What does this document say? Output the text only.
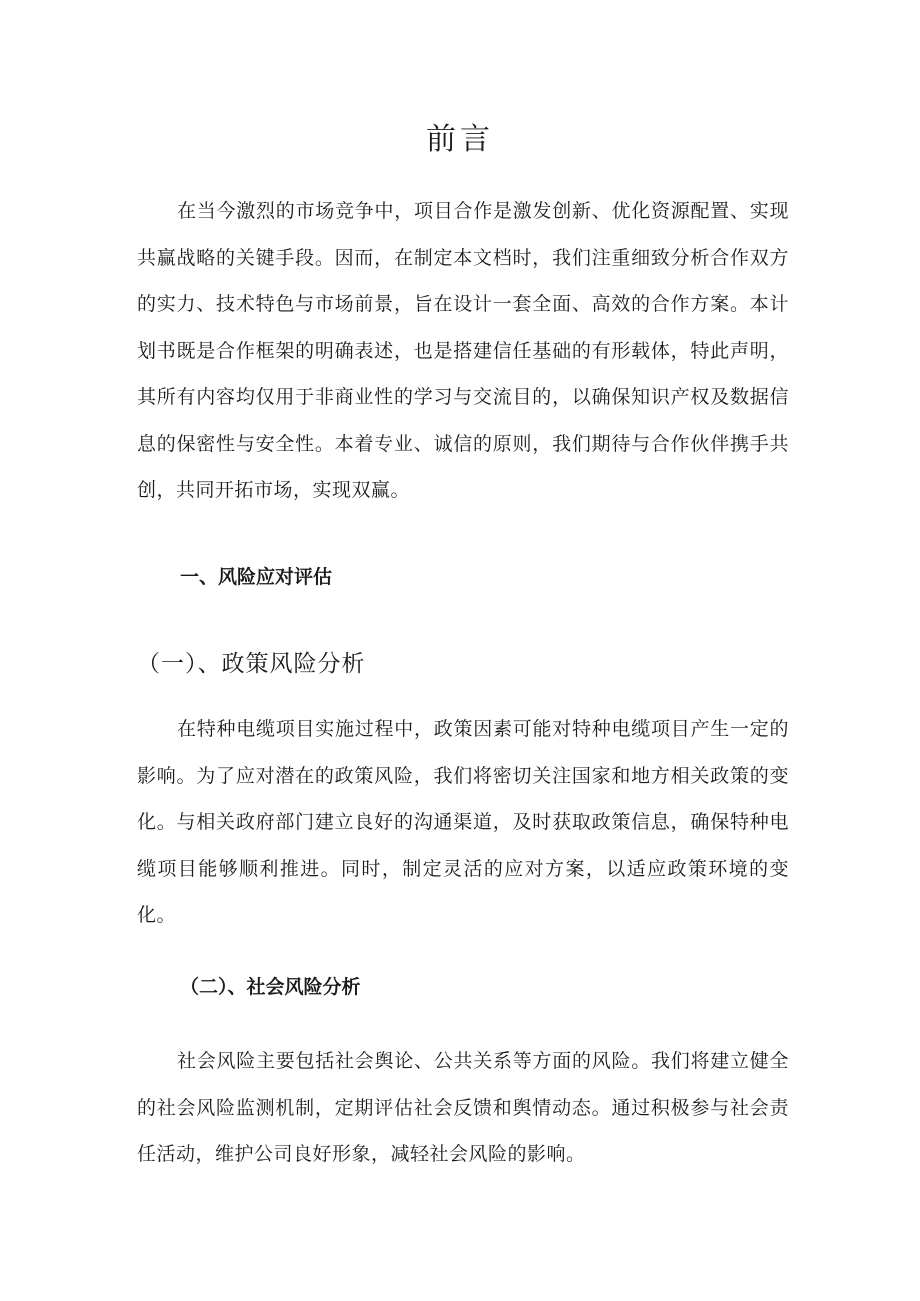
前言

在当今激烈的市场竞争中，项目合作是激发创新、优化资源配置、实现共赢战略的关键手段。因而，在制定本文档时，我们注重细致分析合作双方的实力、技术特色与市场前景，旨在设计一套全面、高效的合作方案。本计划书既是合作框架的明确表述，也是搭建信任基础的有形载体，特此声明，其所有内容均仅用于非商业性的学习与交流目的，以确保知识产权及数据信息的保密性与安全性。本着专业、诚信的原则，我们期待与合作伙伴携手共创，共同开拓市场，实现双赢。

一、风险应对评估
（一）、政策风险分析

在特种电缆项目实施过程中，政策因素可能对特种电缆项目产生一定的影响。为了应对潜在的政策风险，我们将密切关注国家和地方相关政策的变化。与相关政府部门建立良好的沟通渠道，及时获取政策信息，确保特种电缆项目能够顺利推进。同时，制定灵活的应对方案，以适应政策环境的变化。

（二）、社会风险分析

社会风险主要包括社会舆论、公共关系等方面的风险。我们将建立健全的社会风险监测机制，定期评估社会反馈和舆情动态。通过积极参与社会责任活动，维护公司良好形象，减轻社会风险的影响。
